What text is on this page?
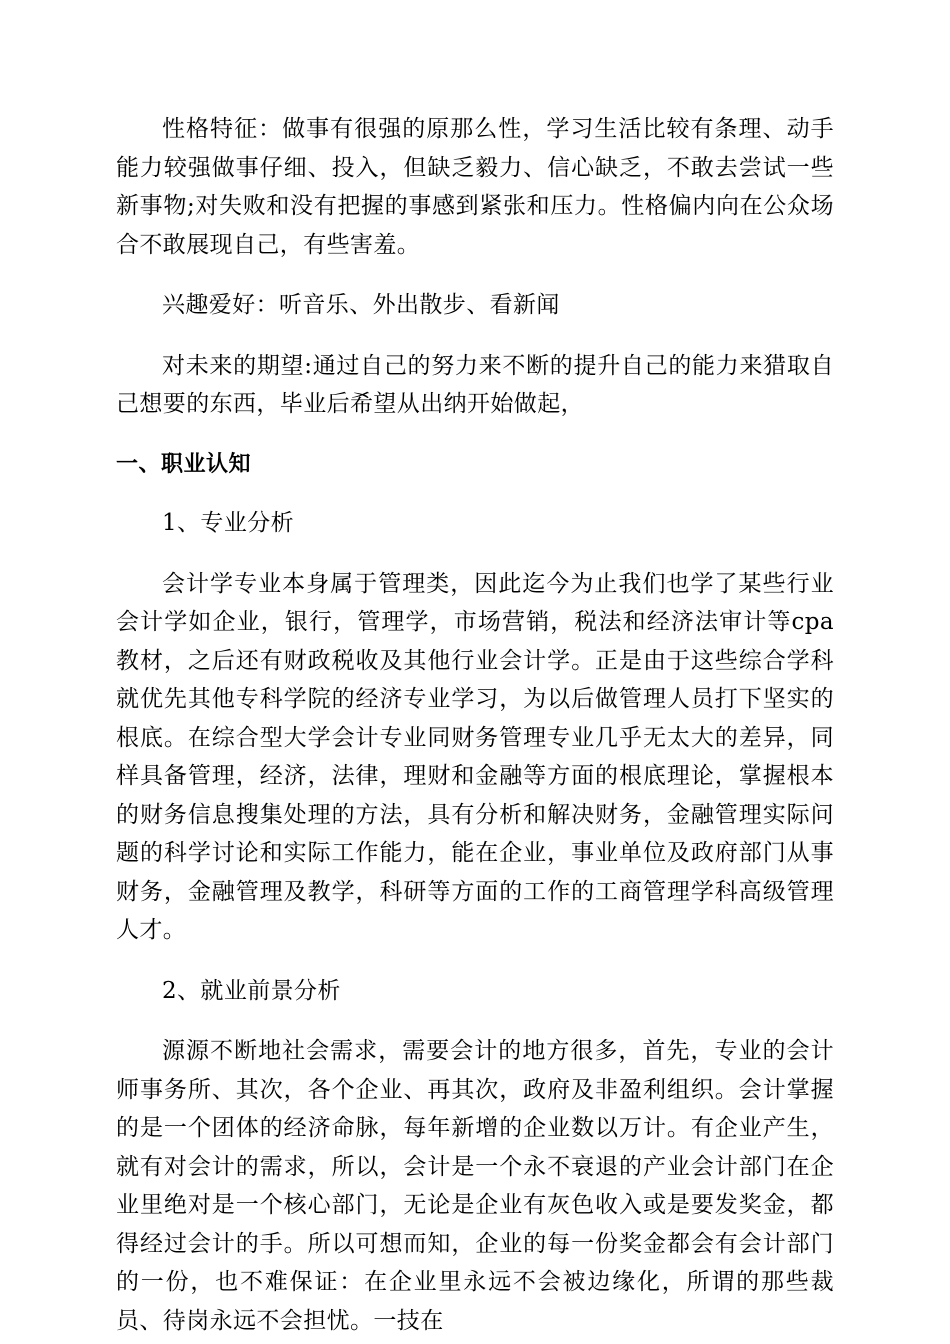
性格特征：做事有很强的原那么性，学习生活比较有条理、动手能力较强做事仔细、投入，但缺乏毅力、信心缺乏，不敢去尝试一些新事物;对失败和没有把握的事感到紧张和压力。性格偏内向在公众场合不敢展现自己，有些害羞。

兴趣爱好：听音乐、外出散步、看新闻

对未来的期望:通过自己的努力来不断的提升自己的能力来猎取自己想要的东西，毕业后希望从出纳开始做起，

一、职业认知

1、专业分析

会计学专业本身属于管理类，因此迄今为止我们也学了某些行业会计学如企业，银行，管理学，市场营销，税法和经济法审计等cpa教材，之后还有财政税收及其他行业会计学。正是由于这些综合学科就优先其他专科学院的经济专业学习，为以后做管理人员打下坚实的根底。在综合型大学会计专业同财务管理专业几乎无太大的差异，同样具备管理，经济，法律，理财和金融等方面的根底理论，掌握根本的财务信息搜集处理的方法，具有分析和解决财务，金融管理实际问题的科学讨论和实际工作能力，能在企业，事业单位及政府部门从事财务，金融管理及教学，科研等方面的工作的工商管理学科高级管理人才。

2、就业前景分析

源源不断地社会需求，需要会计的地方很多，首先，专业的会计师事务所、其次，各个企业、再其次，政府及非盈利组织。会计掌握的是一个团体的经济命脉，每年新增的企业数以万计。有企业产生，就有对会计的需求，所以，会计是一个永不衰退的产业会计部门在企业里绝对是一个核心部门，无论是企业有灰色收入或是要发奖金，都得经过会计的手。所以可想而知，企业的每一份奖金都会有会计部门的一份，也不难保证：在企业里永远不会被边缘化，所谓的那些裁员、待岗永远不会担忧。一技在
